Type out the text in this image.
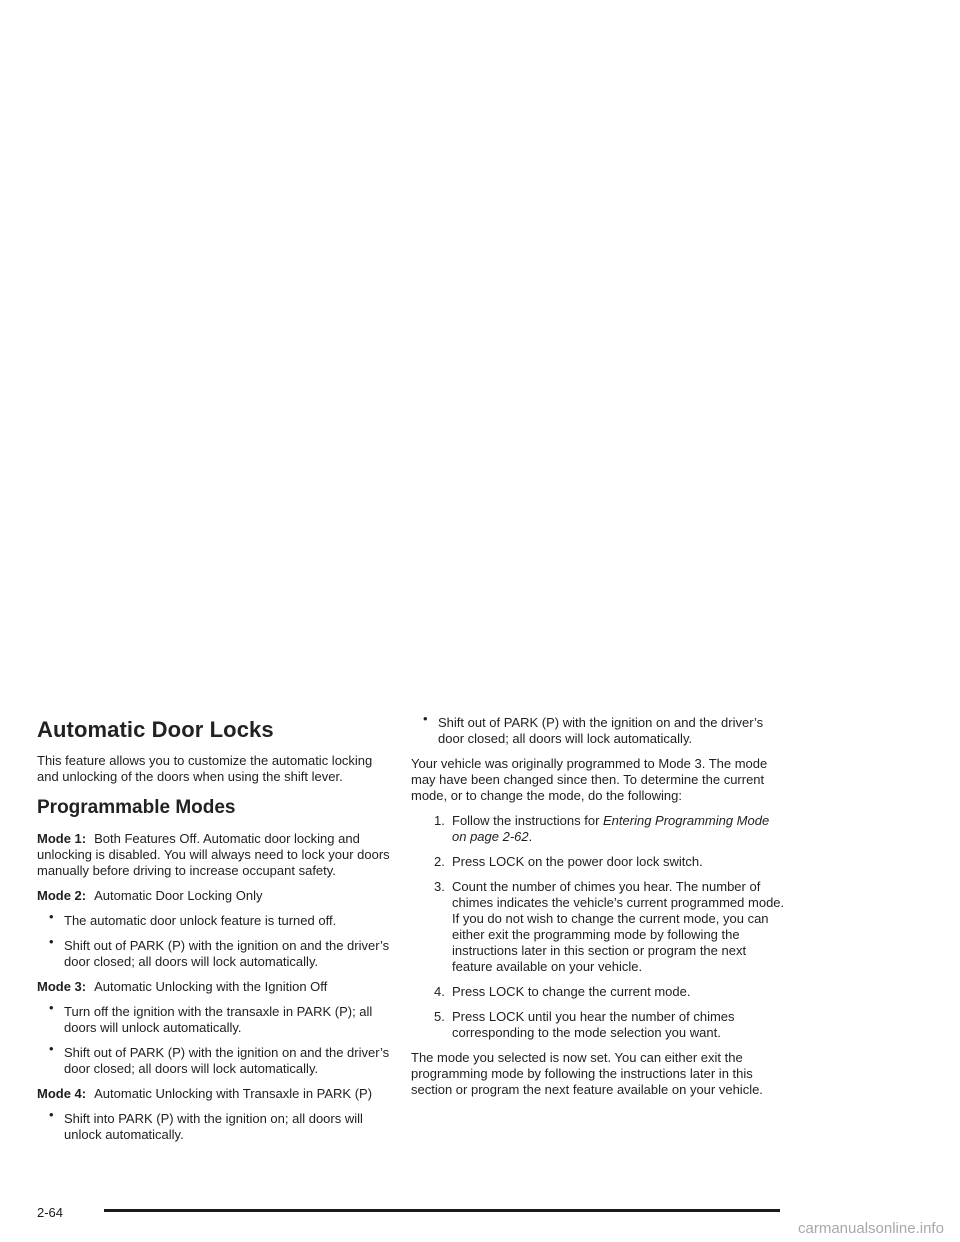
Automatic Door Locks

This feature allows you to customize the automatic locking and unlocking of the doors when using the shift lever.

Programmable Modes

Mode 1: Both Features Off. Automatic door locking and unlocking is disabled. You will always need to lock your doors manually before driving to increase occupant safety.

Mode 2: Automatic Door Locking Only

• The automatic door unlock feature is turned off.
• Shift out of PARK (P) with the ignition on and the driver’s door closed; all doors will lock automatically.

Mode 3: Automatic Unlocking with the Ignition Off

• Turn off the ignition with the transaxle in PARK (P); all doors will unlock automatically.
• Shift out of PARK (P) with the ignition on and the driver’s door closed; all doors will lock automatically.

Mode 4: Automatic Unlocking with Transaxle in PARK (P)

• Shift into PARK (P) with the ignition on; all doors will unlock automatically.
• Shift out of PARK (P) with the ignition on and the driver’s door closed; all doors will lock automatically.

Your vehicle was originally programmed to Mode 3. The mode may have been changed since then. To determine the current mode, or to change the mode, do the following:

1. Follow the instructions for Entering Programming Mode on page 2-62.
2. Press LOCK on the power door lock switch.
3. Count the number of chimes you hear. The number of chimes indicates the vehicle’s current programmed mode. If you do not wish to change the current mode, you can either exit the programming mode by following the instructions later in this section or program the next feature available on your vehicle.
4. Press LOCK to change the current mode.
5. Press LOCK until you hear the number of chimes corresponding to the mode selection you want.

The mode you selected is now set. You can either exit the programming mode by following the instructions later in this section or program the next feature available on your vehicle.

2-64
carmanualsonline.info
